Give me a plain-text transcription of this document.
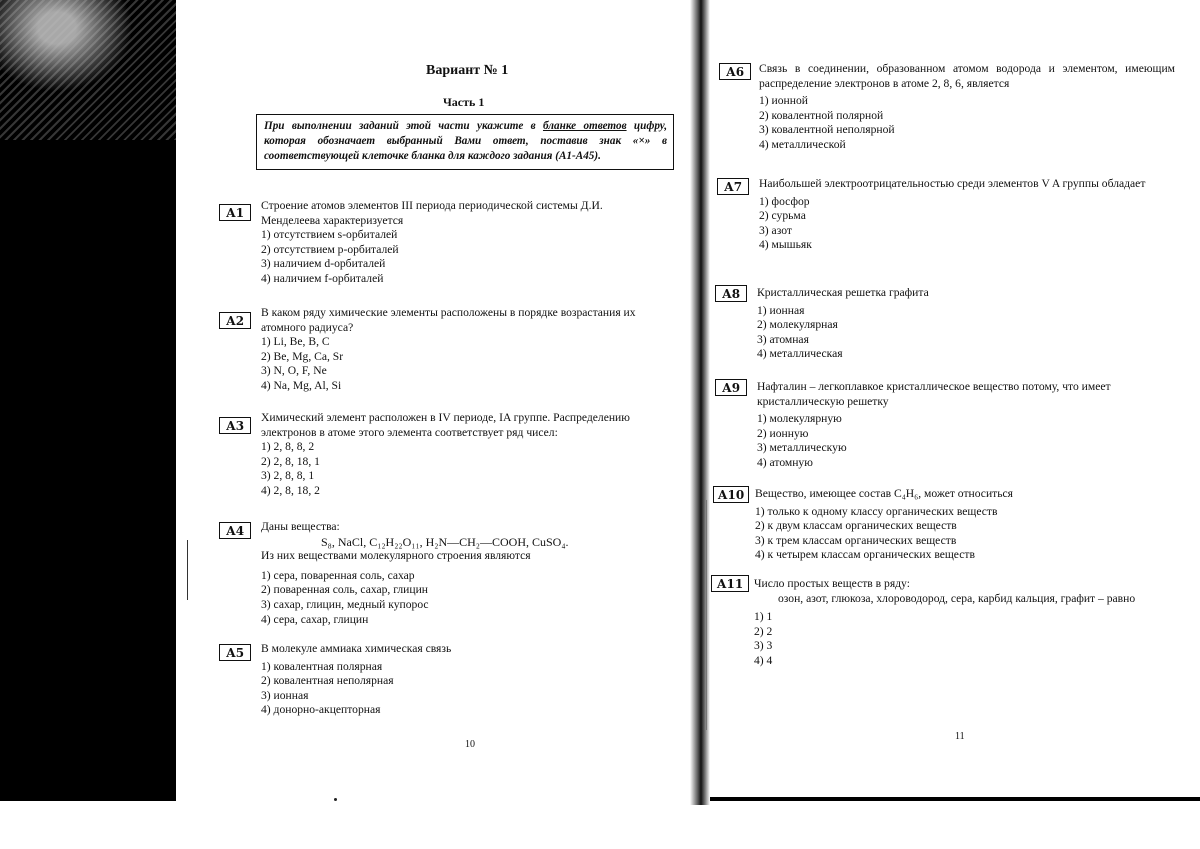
Вариант № 1
Часть 1
При выполнении заданий этой части укажите в бланке ответов цифру, которая обозначает выбранный Вами ответ, поставив знак «×» в соответствующей клеточке бланка для каждого задания (А1-А45).
А1
Строение атомов элементов III периода периодической системы Д.И. Менделеева характеризуется
1) отсутствием s-орбиталей
2) отсутствием p-орбиталей
3) наличием d-орбиталей
4) наличием f-орбиталей
А2
В каком ряду химические элементы расположены в порядке возрастания их атомного радиуса?
1) Li, Be, B, C
2) Be, Mg, Ca, Sr
3) N, O, F, Ne
4) Na, Mg, Al, Si
А3
Химический элемент расположен в IV периоде, IA группе. Распределению электронов в атоме этого элемента соответствует ряд чисел:
1) 2, 8, 8, 2
2) 2, 8, 18, 1
3) 2, 8, 8, 1
4) 2, 8, 18, 2
А4	Даны вещества:
S₈, NaCl, C₁₂H₂₂O₁₁, H₂N—CH₂—COOH, CuSO₄.
Из них веществами молекулярного строения являются
1) сера, поваренная соль, сахар
2) поваренная соль, сахар, глицин
3) сахар, глицин, медный купорос
4) сера, сахар, глицин
А5	В молекуле аммиака химическая связь
1) ковалентная полярная
2) ковалентная неполярная
3) ионная
4) донорно-акцепторная
10
А6	Связь в соединении, образованном атомом водорода и элементом, имеющим распределение электронов в атоме 2, 8, 6, является
1) ионной
2) ковалентной полярной
3) ковалентной неполярной
4) металлической
А7	Наибольшей электроотрицательностью среди элементов V A группы обладает
1) фосфор
2) сурьма
3) азот
4) мышьяк
А8	Кристаллическая решетка графита
1) ионная
2) молекулярная
3) атомная
4) металлическая
А9	Нафталин – легкоплавкое кристаллическое вещество потому, что имеет кристаллическую решетку
1) молекулярную
2) ионную
3) металлическую
4) атомную
А10 Вещество, имеющее состав C₄H₆, может относиться
1) только к одному классу органических веществ
2) к двум классам органических веществ
3) к трем классам органических веществ
4) к четырем классам органических веществ
А11 Число простых веществ в ряду:
озон, азот, глюкоза, хлороводород, сера, карбид кальция, графит – равно
1) 1
2) 2
3) 3
4) 4
11
